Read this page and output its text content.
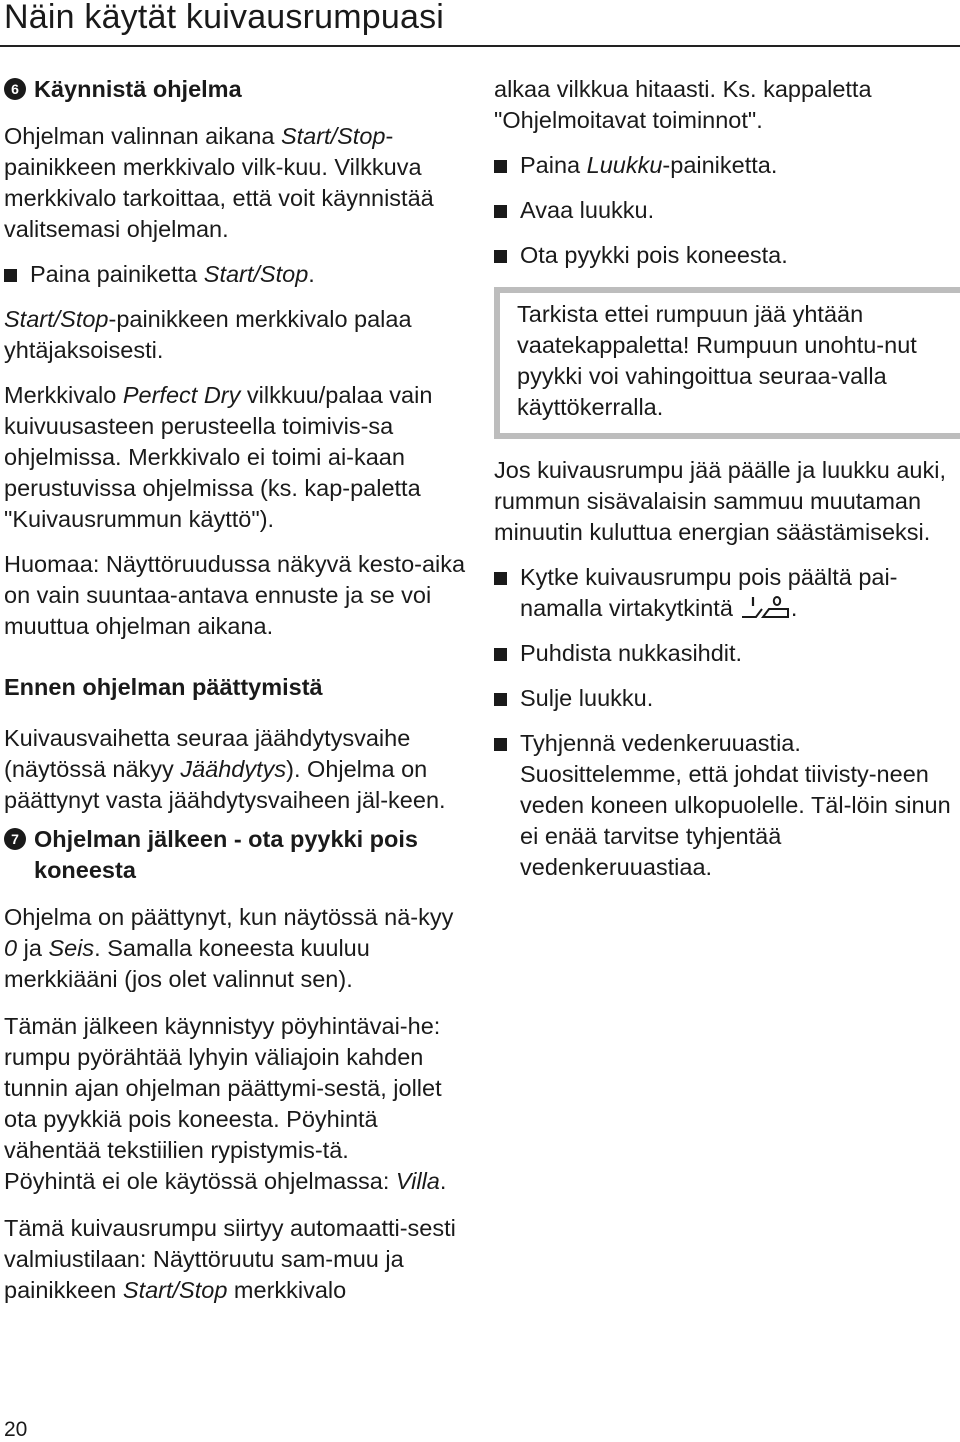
Näin käytät kuivausrumpuasi
6 Käynnistä ohjelma

Ohjelman valinnan aikana Start/Stop-painikkeen merkkivalo vilk-kuu. Vilkkuva merkkivalo tarkoittaa, että voit käynnistää valitsemasi ohjelman.

Paina painiketta Start/Stop.

Start/Stop-painikkeen merkkivalo palaa yhtäjaksoisesti.

Merkkivalo Perfect Dry vilkkuu/palaa vain kuivuusasteen perusteella toimivis-sa ohjelmissa. Merkkivalo ei toimi ai-kaan perustuvissa ohjelmissa (ks. kap-paletta "Kuivausrummun käyttö").

Huomaa: Näyttöruudussa näkyvä kesto-aika on vain suuntaa-antava ennuste ja se voi muuttua ohjelman aikana.

Ennen ohjelman päättymistä

Kuivausvaihetta seuraa jäähdytysvaihe (näytössä näkyy Jäähdytys). Ohjelma on päättynyt vasta jäähdytysvaiheen jäl-keen.

7 Ohjelman jälkeen - ota pyykki pois koneesta

Ohjelma on päättynyt, kun näytössä nä-kyy 0 ja Seis. Samalla koneesta kuuluu merkkiääni (jos olet valinnut sen).

Tämän jälkeen käynnistyy pöyhintävai-he: rumpu pyörähtää lyhyin väliajoin kahden tunnin ajan ohjelman päättymi-sestä, jollet ota pyykkiä pois koneesta. Pöyhintä vähentää tekstiilien rypistymis-tä.

Pöyhintä ei ole käytössä ohjelmassa: Villa.

Tämä kuivausrumpu siirtyy automaatti-sesti valmiustilaan: Näyttöruutu sam-muu ja painikkeen Start/Stop merkkivalo

alkaa vilkkua hitaasti. Ks. kappaletta "Ohjelmoitavat toiminnot".

Paina Luukku-painiketta.
Avaa luukku.
Ota pyykki pois koneesta.

Tarkista ettei rumpuun jää yhtään vaatekappaletta! Rumpuun unohtu-nut pyykki voi vahingoittua seuraa-valla käyttökerralla.

Jos kuivausrumpu jää päälle ja luukku auki, rummun sisävalaisin sammuu muutaman minuutin kuluttua energian säästämiseksi.

Kytke kuivausrumpu pois päältä pai-namalla virtakytkintä .
Puhdista nukkasihdit.
Sulje luukku.
Tyhjennä vedenkeruuastia. Suosittelemme, että johdat tiivisty-neen veden koneen ulkopuolelle. Täl-löin sinun ei enää tarvitse tyhjentää vedenkeruuastiaa.
20
